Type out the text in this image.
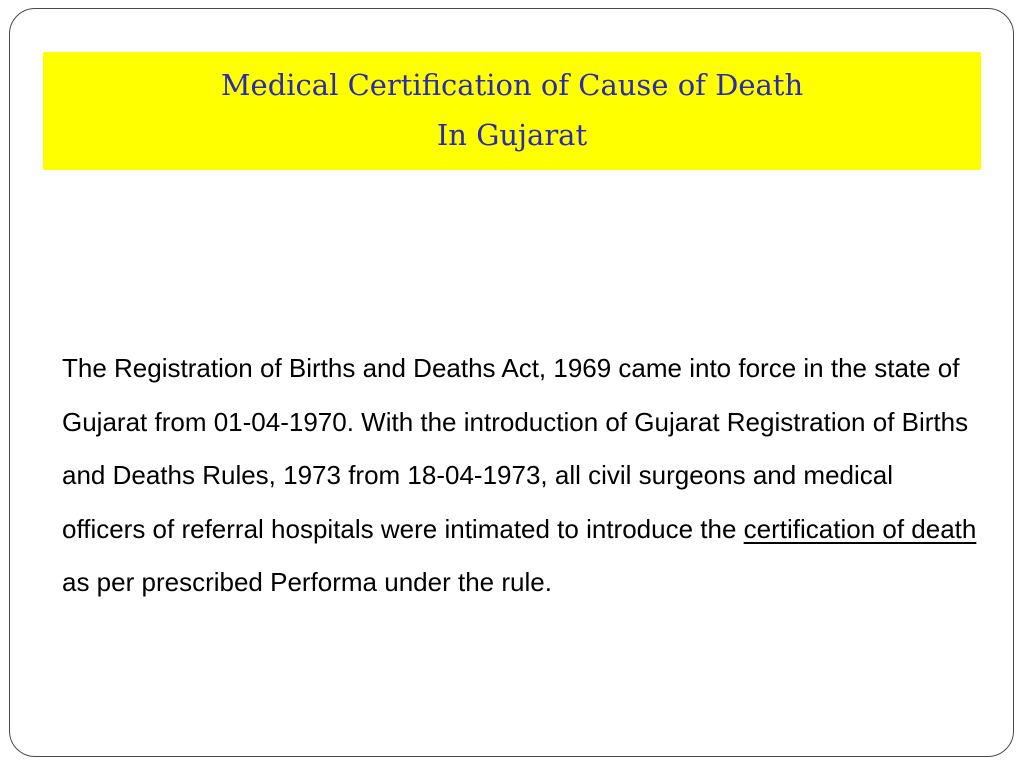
Medical Certification of Cause of Death
In Gujarat
The Registration of Births and Deaths Act, 1969 came into force in the state of Gujarat from 01-04-1970. With the introduction of Gujarat Registration of Births and Deaths Rules, 1973 from 18-04-1973, all civil surgeons and medical officers of referral hospitals were intimated to introduce the certification of death as per prescribed Performa under the rule.
